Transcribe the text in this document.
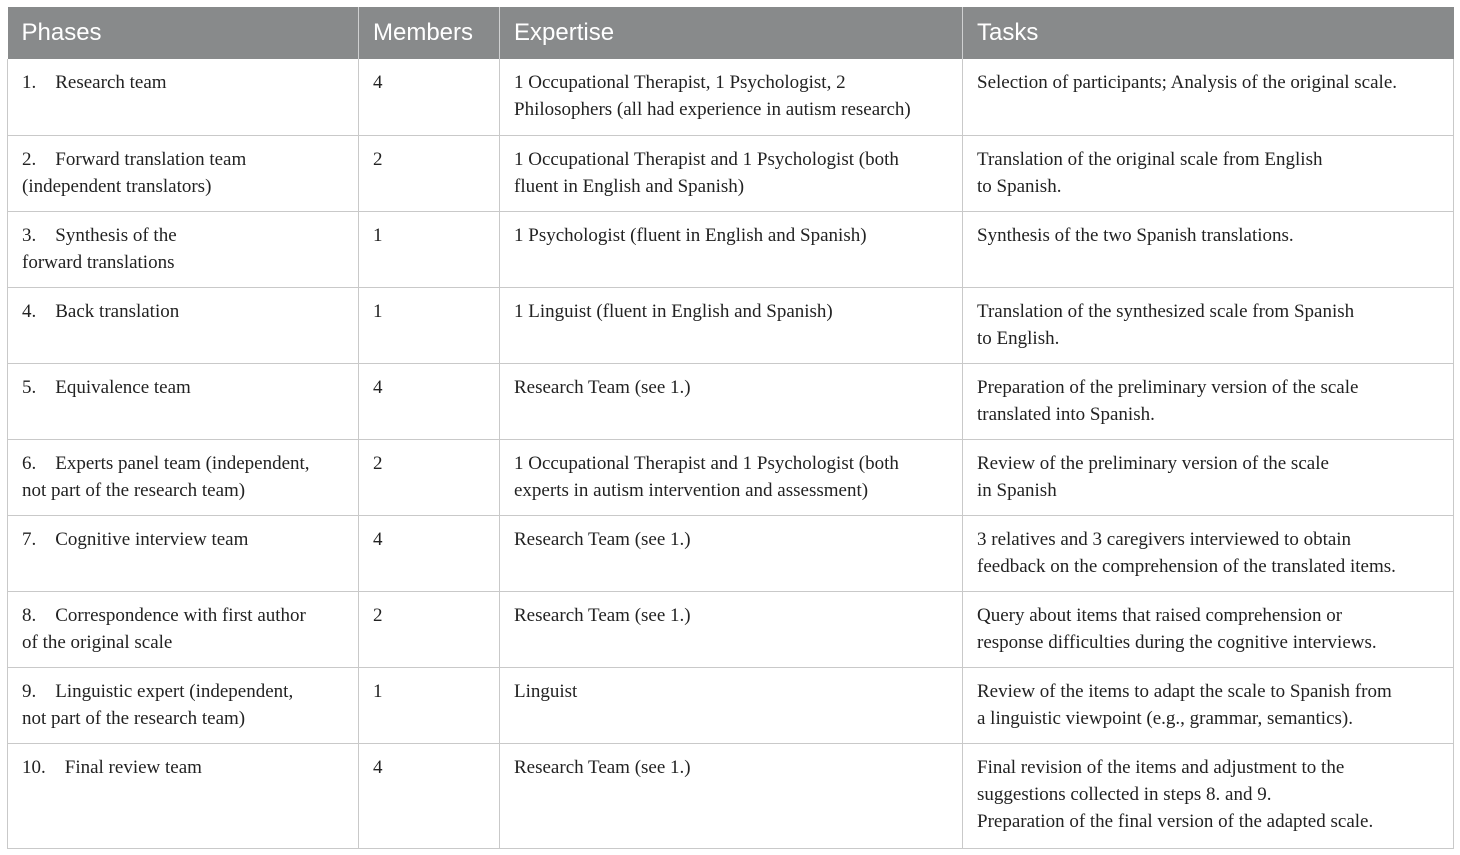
Phases	Members	Expertise	Tasks

1. Research team	4	1 Occupational Therapist, 1 Psychologist, 2
Philosophers (all had experience in autism research)	Selection of participants; Analysis of the original scale.

2. Forward translation team
(independent translators)	2	1 Occupational Therapist and 1 Psychologist (both
fluent in English and Spanish)	Translation of the original scale from English
to Spanish.

3. Synthesis of the
forward translations	1	1 Psychologist (fluent in English and Spanish)	Synthesis of the two Spanish translations.

4. Back translation	1	1 Linguist (fluent in English and Spanish)	Translation of the synthesized scale from Spanish
to English.

5. Equivalence team	4	Research Team (see 1.)	Preparation of the preliminary version of the scale
translated into Spanish.

6. Experts panel team (independent,
not part of the research team)	2	1 Occupational Therapist and 1 Psychologist (both
experts in autism intervention and assessment)	Review of the preliminary version of the scale
in Spanish

7. Cognitive interview team	4	Research Team (see 1.)	3 relatives and 3 caregivers interviewed to obtain
feedback on the comprehension of the translated items.

8. Correspondence with first author
of the original scale	2	Research Team (see 1.)	Query about items that raised comprehension or
response difficulties during the cognitive interviews.

9. Linguistic expert (independent,
not part of the research team)	1	Linguist	Review of the items to adapt the scale to Spanish from
a linguistic viewpoint (e.g., grammar, semantics).

10. Final review team	4	Research Team (see 1.)	Final revision of the items and adjustment to the
suggestions collected in steps 8. and 9.
Preparation of the final version of the adapted scale.
